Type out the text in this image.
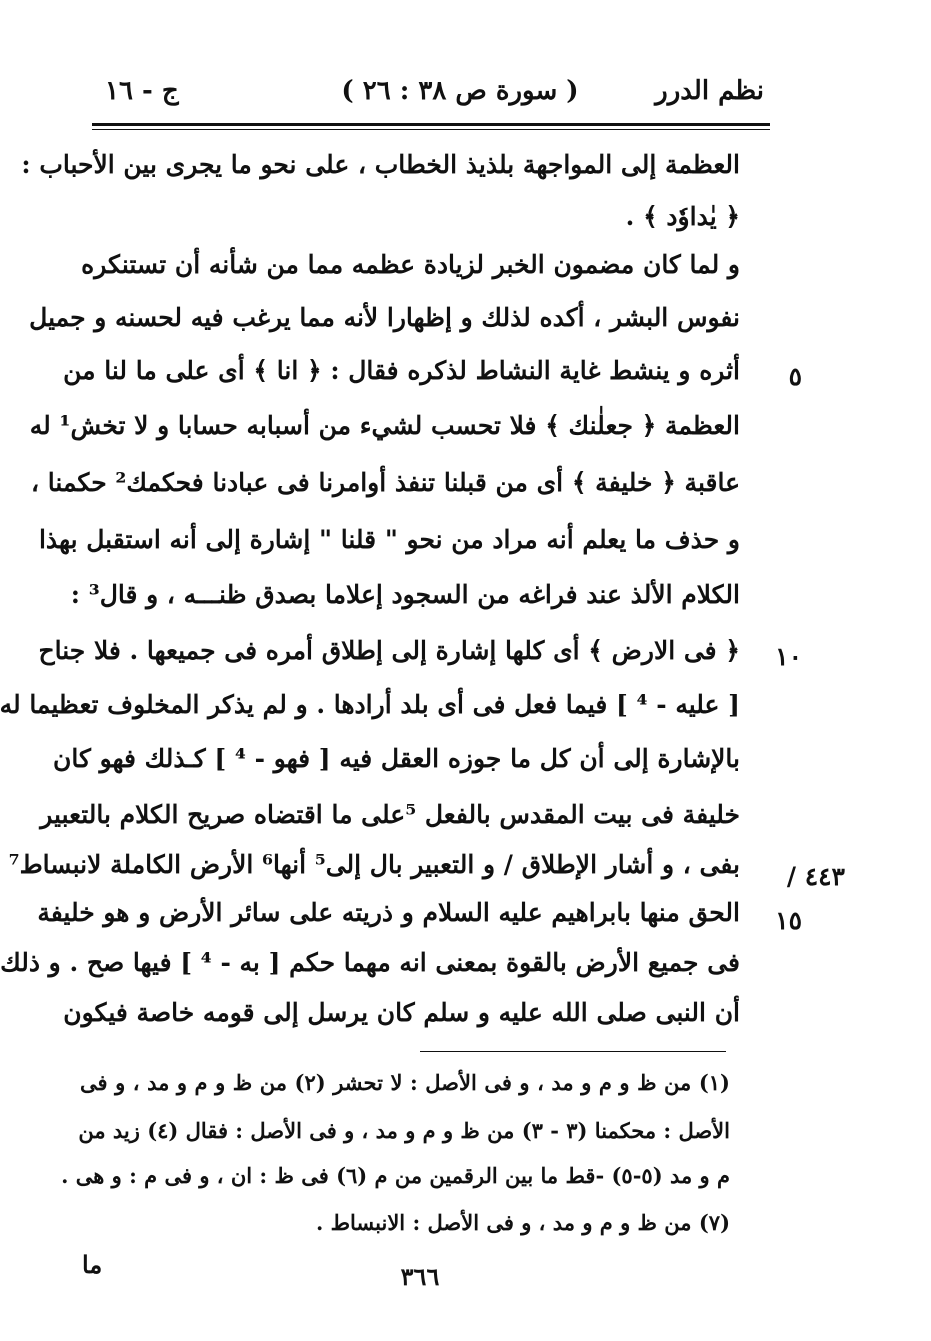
نظم الدرر
( سورة ص ٣٨ : ٢٦ )
ج - ١٦
العظمة إلى المواجهة بلذيذ الخطاب ، على نحو ما يجرى بين الأحباب :
﴿ يٰداوٗد ﴾ .
و لما كان مضمون الخبر لزيادة عظمه مما من شأنه أن تستنكره
نفوس البشر ، أكده لذلك و إظهارا لأنه مما يرغب فيه لحسنه و جميل
أثره و ينشط غاية النشاط لذكره فقال : ﴿ انا ﴾ أى على ما لنا من	٥
العظمة ﴿ جعلٰنك ﴾ فلا تحسب لشيء من أسبابه حسابا و لا تخش¹ له
عاقبة ﴿ خليفة ﴾ أى من قبلنا تنفذ أوامرنا فى عبادنا فحكمك² حكمنا ،
و حذف ما يعلم أنه مراد من نحو " قلنا " إشارة إلى أنه استقبل بهذا
الكلام الألذ عند فراغه من السجود إعلاما بصدق ظنـــه ، و قال³ :
﴿ فى الارض ﴾ أى كلها إشارة إلى إطلاق أمره فى جميعها . فلا جناح	١٠
[ عليه - ⁴ ] فيما فعل فى أى بلد أرادها . و لم يذكر المخلوف تعظيما له
بالإشارة إلى أن كل ما جوزه العقل فيه [ فهو - ⁴ ] كـذلك فهو كان
خليفة فى بيت المقدس بالفعل ⁵على ما اقتضاه صريح الكلام بالتعبير
بفى ، و أشار الإطلاق / و التعبير بال إلى⁵ أنها⁶ الأرض الكاملة لانبساط⁷	٤٤٣ /
الحق منها بابراهيم عليه السلام و ذريته على سائر الأرض و هو خليفة	١٥
فى جميع الأرض بالقوة بمعنى انه مهما حكم [ به - ⁴ ] فيها صح . و ذلك
أن النبى صلى الله عليه و سلم كان يرسل إلى قومه خاصة فيكون
(١) من ظ و م و مد ، و فى الأصل : لا تحشر (٢) من ظ و م و مد ، و فى
الأصل : محكمنا (٣ - ٣) من ظ و م و مد ، و فى الأصل : فقال (٤) زيد من
م و مد (٥-٥) -قط ما بين الرقمين من م (٦) فى ظ : ان ، و فى م : و هى .
(٧) من ظ و م و مد ، و فى الأصل : الانبساط .
٣٦٦
ما
